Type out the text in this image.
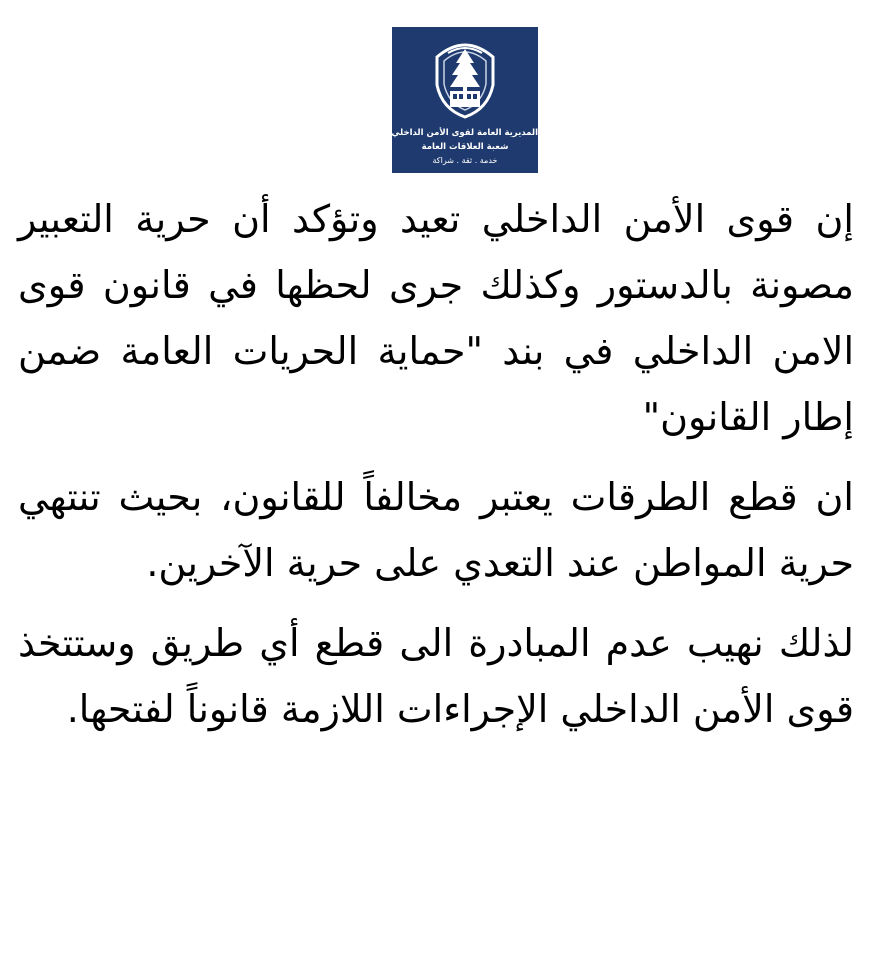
المديرية العامة لقوى الأمن الداخلي
شعبة العلاقات العامة
خدمة . ثقة . شراكة

إن قوى الأمن الداخلي تعيد وتؤكد أن حرية التعبير مصونة بالدستور وكذلك جرى لحظها في قانون قوى الامن الداخلي في بند "حماية الحريات العامة ضمن إطار القانون"

ان قطع الطرقات يعتبر مخالفاً للقانون، بحيث تنتهي حرية المواطن عند التعدي على حرية الآخرين.

لذلك نهيب عدم المبادرة الى قطع أي طريق وستتخذ قوى الأمن الداخلي الإجراءات اللازمة قانوناً لفتحها.
